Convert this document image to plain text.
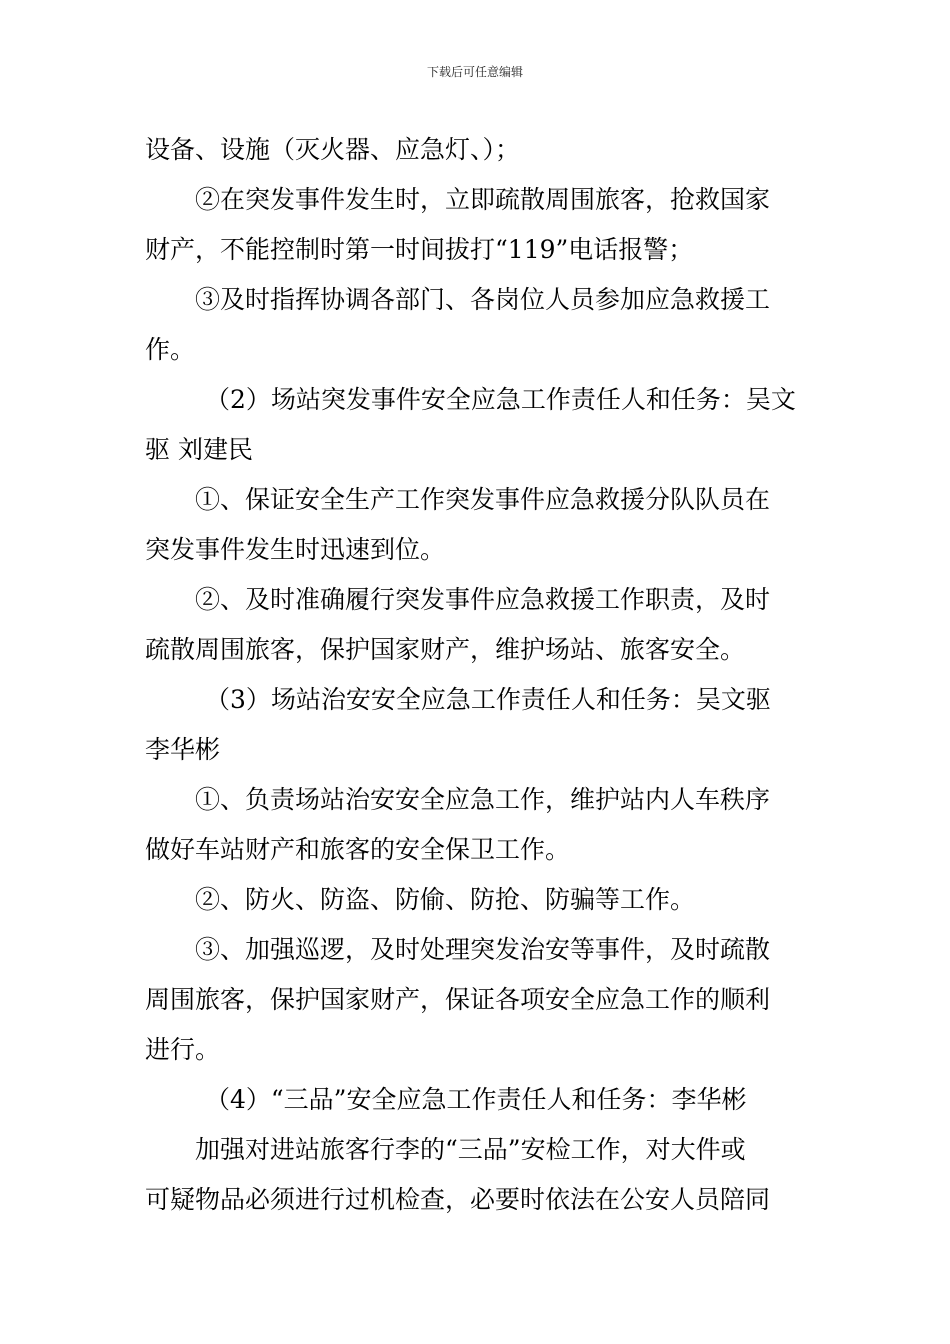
下载后可任意编辑
设备、设施（灭火器、应急灯、）；
②在突发事件发生时，立即疏散周围旅客，抢救国家
财产，不能控制时第一时间拔打“119”电话报警；
③及时指挥协调各部门、各岗位人员参加应急救援工
作。
（2）场站突发事件安全应急工作责任人和任务：吴文
驱 刘建民
①、保证安全生产工作突发事件应急救援分队队员在
突发事件发生时迅速到位。
②、及时准确履行突发事件应急救援工作职责，及时
疏散周围旅客，保护国家财产，维护场站、旅客安全。
（3）场站治安安全应急工作责任人和任务：吴文驱
李华彬
①、负责场站治安安全应急工作，维护站内人车秩序
做好车站财产和旅客的安全保卫工作。
②、防火、防盗、防偷、防抢、防骗等工作。
③、加强巡逻，及时处理突发治安等事件，及时疏散
周围旅客，保护国家财产，保证各项安全应急工作的顺利
进行。
（4）“三品”安全应急工作责任人和任务：李华彬
加强对进站旅客行李的“三品”安检工作，对大件或
可疑物品必须进行过机检查，必要时依法在公安人员陪同
